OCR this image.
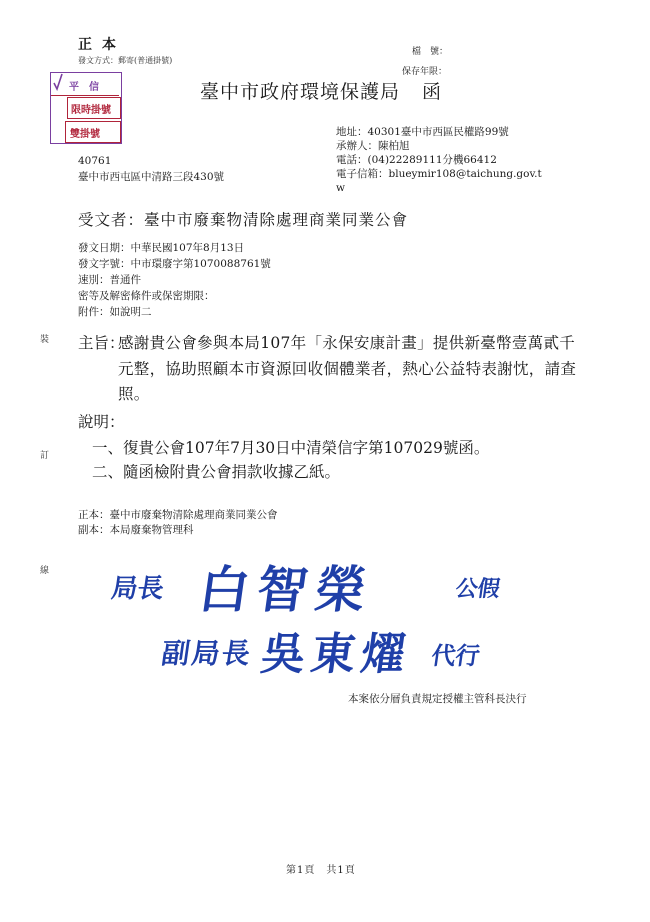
正本
發文方式：郵寄(普通掛號)
檔　號：
保存年限：
平　信
限時掛號
雙掛號
臺中市政府環境保護局 函
地址：40301臺中市西區民權路99號
承辦人：陳柏旭
電話：(04)22289111分機66412
電子信箱：blueymir108@taichung.gov.t
w
40761
臺中市西屯區中清路三段430號
受文者：臺中市廢棄物清除處理商業同業公會
發文日期：中華民國107年8月13日
發文字號：中市環廢字第1070088761號
速別：普通件
密等及解密條件或保密期限：
附件：如說明二
主旨：
感謝貴公會參與本局107年「永保安康計畫」提供新臺幣壹萬貳千元整，協助照顧本市資源回收個體業者，熱心公益特表謝忱，請查照。
說明：
一、復貴公會107年7月30日中清榮信字第107029號函。
二、隨函檢附貴公會捐款收據乙紙。
正本：臺中市廢棄物清除處理商業同業公會
副本：本局廢棄物管理科
局長 白智榮	公假
副局長 吳東燿 代行
本案依分層負責規定授權主管科長決行
裝
訂
線
第1頁　共1頁
